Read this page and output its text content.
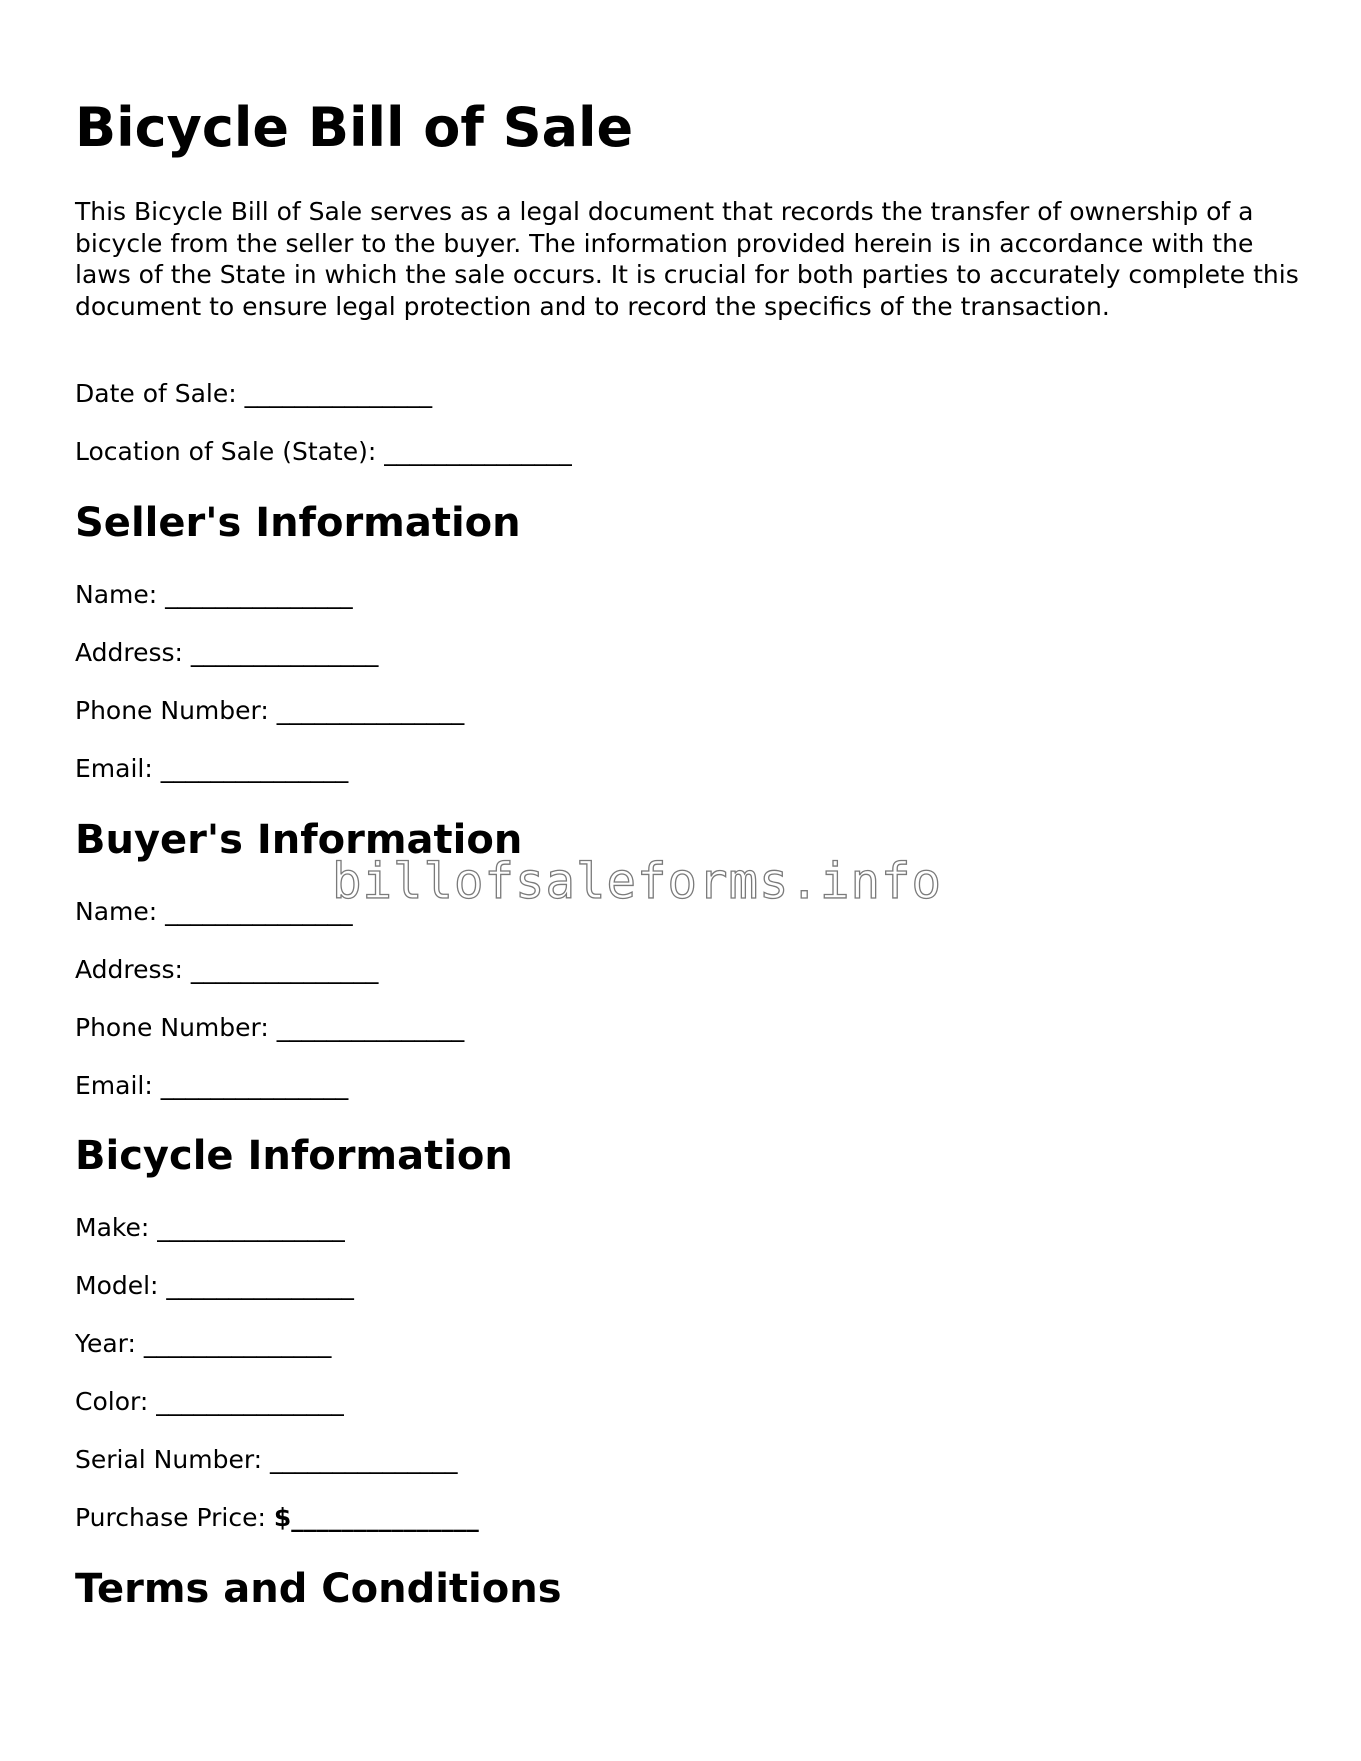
Bicycle Bill of Sale

This Bicycle Bill of Sale serves as a legal document that records the transfer of ownership of a bicycle from the seller to the buyer. The information provided herein is in accordance with the laws of the State in which the sale occurs. It is crucial for both parties to accurately complete this document to ensure legal protection and to record the specifics of the transaction.

Date of Sale: _______________

Location of Sale (State): _______________

Seller's Information

Name: _______________

Address: _______________

Phone Number: _______________

Email: _______________

Buyer's Information

Name: _______________

Address: _______________

Phone Number: _______________

Email: _______________

Bicycle Information

Make: _______________

Model: _______________

Year: _______________

Color: _______________

Serial Number: _______________

Purchase Price: $_______________

Terms and Conditions
billofsaleforms.info
